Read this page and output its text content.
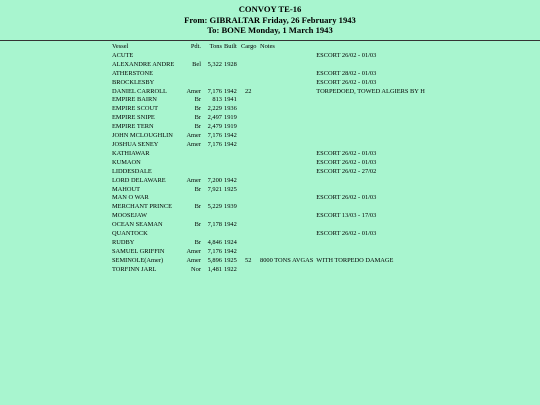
CONVOY TE-16
From: GIBRALTAR Friday, 26 February 1943
To: BONE Monday, 1 March 1943
Vessel	Pdt.	Tons	Built	Cargo	Notes	
ACUTE						ESCORT 26/02 - 01/03
ALEXANDRE ANDRE	Bel	5,322	1928			
ATHERSTONE						ESCORT 28/02 - 01/03
BROCKLESBY						ESCORT 26/02 - 01/03
DANIEL CARROLL	Amer	7,176	1942	22		TORPEDOED, TOWED ALGIERS BY H
EMPIRE BAIRN	Br	813	1941			
EMPIRE SCOUT	Br	2,229	1936			
EMPIRE SNIPE	Br	2,497	1919			
EMPIRE TERN	Br	2,479	1919			
JOHN MCLOUGHLIN	Amer	7,176	1942			
JOSHUA SENEY	Amer	7,176	1942			
KATHIAWAR						ESCORT 26/02 - 01/03
KUMAON						ESCORT 26/02 - 01/03
LIDDESDALE						ESCORT 26/02 - 27/02
LORD DELAWARE	Amer	7,200	1942			
MAHOUT	Br	7,921	1925			
MAN O WAR						ESCORT 26/02 - 01/03
MERCHANT PRINCE	Br	5,229	1939			
MOOSEJAW						ESCORT 13/03 - 17/03
OCEAN SEAMAN	Br	7,178	1942			
QUANTOCK						ESCORT 26/02 - 01/03
RUDBY	Br	4,846	1924			
SAMUEL GRIFFIN	Amer	7,176	1942			
SEMINOLE(Amer)	Amer	5,896	1925	52	8000 TONS AVGAS	WITH TORPEDO DAMAGE
TORFINN JARL	Nor	1,481	1922			
